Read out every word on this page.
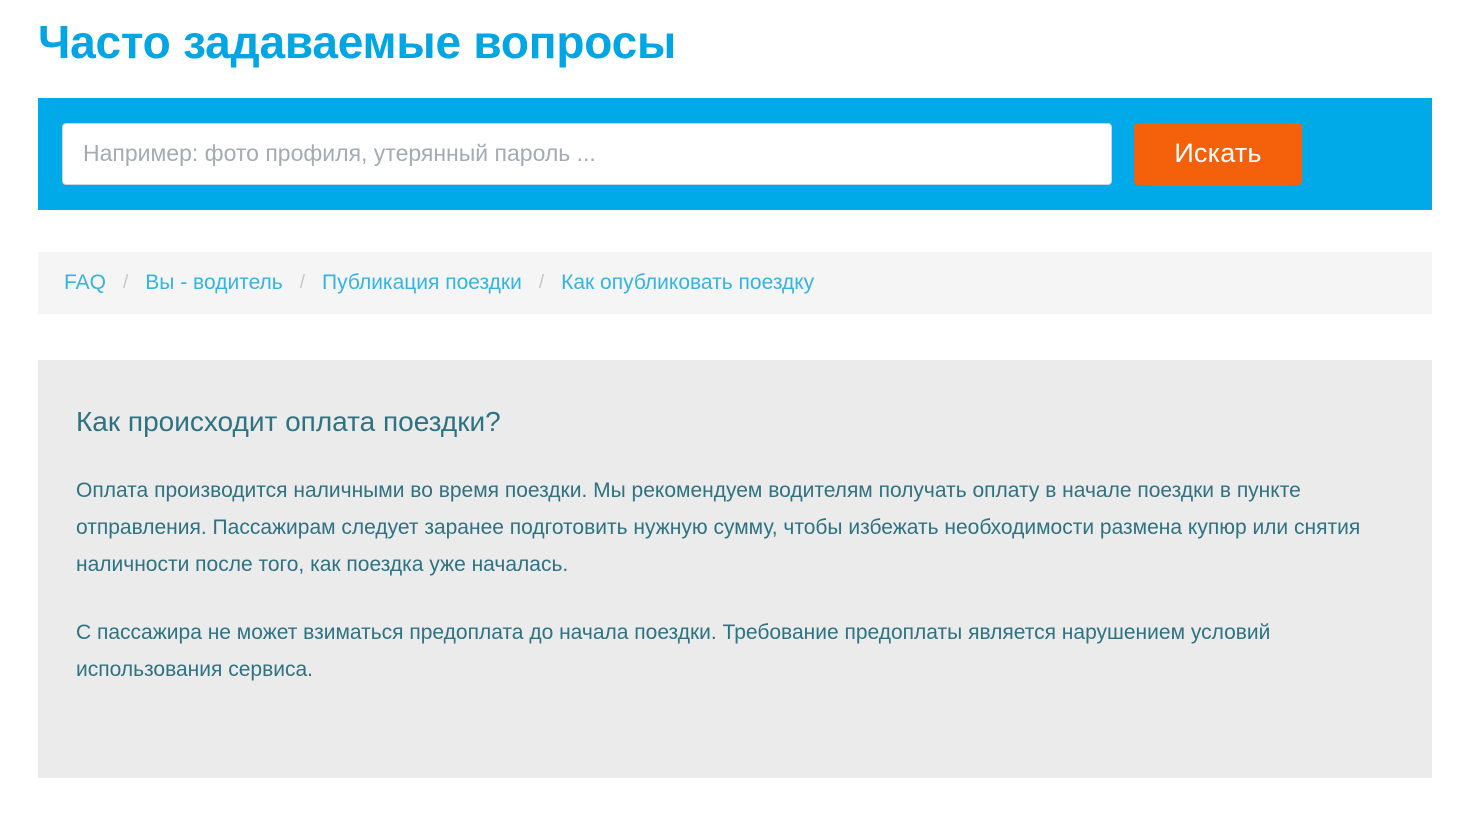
Часто задаваемые вопросы
Например: фото профиля, утерянный пароль ...
Искать
FAQ / Вы - водитель / Публикация поездки / Как опубликовать поездку
Как происходит оплата поездки?

Оплата производится наличными во время поездки. Мы рекомендуем водителям получать оплату в начале поездки в пункте отправления. Пассажирам следует заранее подготовить нужную сумму, чтобы избежать необходимости размена купюр или снятия наличности после того, как поездка уже началась.

С пассажира не может взиматься предоплата до начала поездки. Требование предоплаты является нарушением условий использования сервиса.
